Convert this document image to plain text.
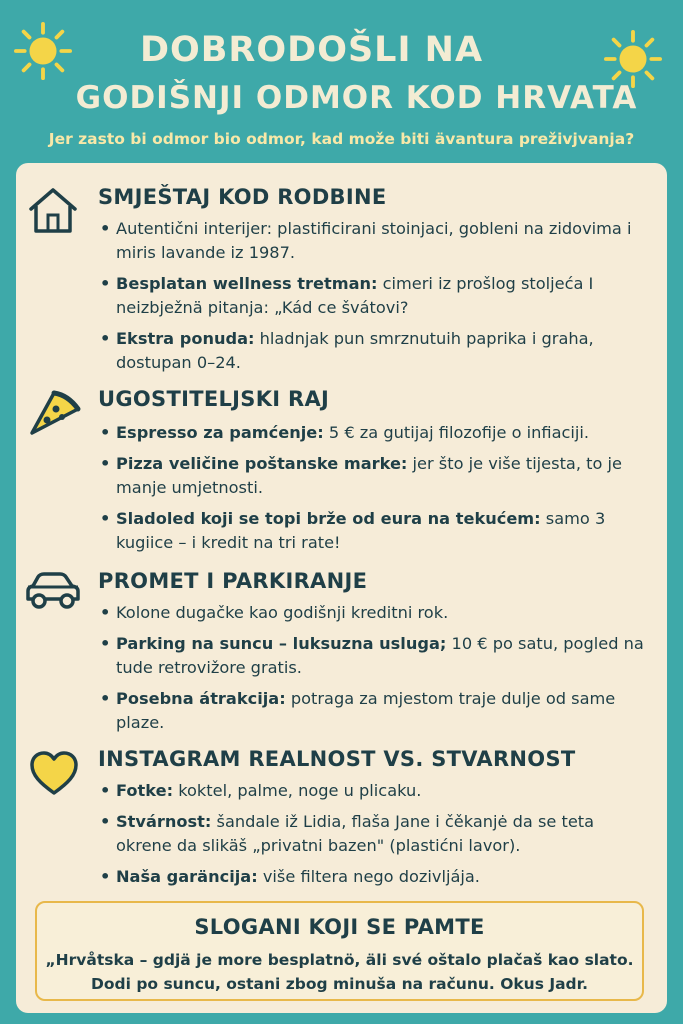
DOBRODOŠLI NA
GODIŠNJI ODMOR KOD HRVATA
Jer zasto bi odmor bio odmor, kad može biti ävantura preživjvanja?
SMJEŠTAJ KOD RODBINE
• Autentični interijer: plastificirani stoinjaci, gobleni na zidovima i miris lavande iz 1987.
• Besplatan wellness tretman: cimeri iz prošlog stoljeća I neizbježnä pitanja: „Kád ce švátovi?
• Ekstra ponuda: hladnjak pun smrznutuih paprika i graha, dostupan 0–24.
UGOSTITELJSKI RAJ
• Espresso za pamćenje: 5 € za gutijaj filozofije o infiaciji.
• Pizza veličine poštanske marke: jer što je više tijesta, to je manje umjetnosti.
• Sladoled koji se topi brže od eura na tekućem: samo 3 kugiice – i kredit na tri rate!
PROMET I PARKIRANJE
• Kolone dugačke kao godišnji kreditni rok.
• Parking na suncu – luksuzna usluga; 10 € po satu, pogled na tude retrovižore gratis.
• Posebna átrakcija: potraga za mjestom traje dulje od same plaze.
INSTAGRAM REALNOST VS. STVARNOST
• Fotke: koktel, palme, noge u plicaku.
• Stvárnost: šandale iž Lidia, flaša Jane i čěkanjė da se teta okrene da slikäš „privatni bazen" (plastićni lavor).
• Naša garäncija: više filtera nego dozivljája.
SLOGANI KOJI SE PAMTE
„Hrvåtska – gdjä je more besplatnö, äli své oštalo plačaš kao slato.
Dodi po suncu, ostani zbog minuša na računu. Okus Jadr.
